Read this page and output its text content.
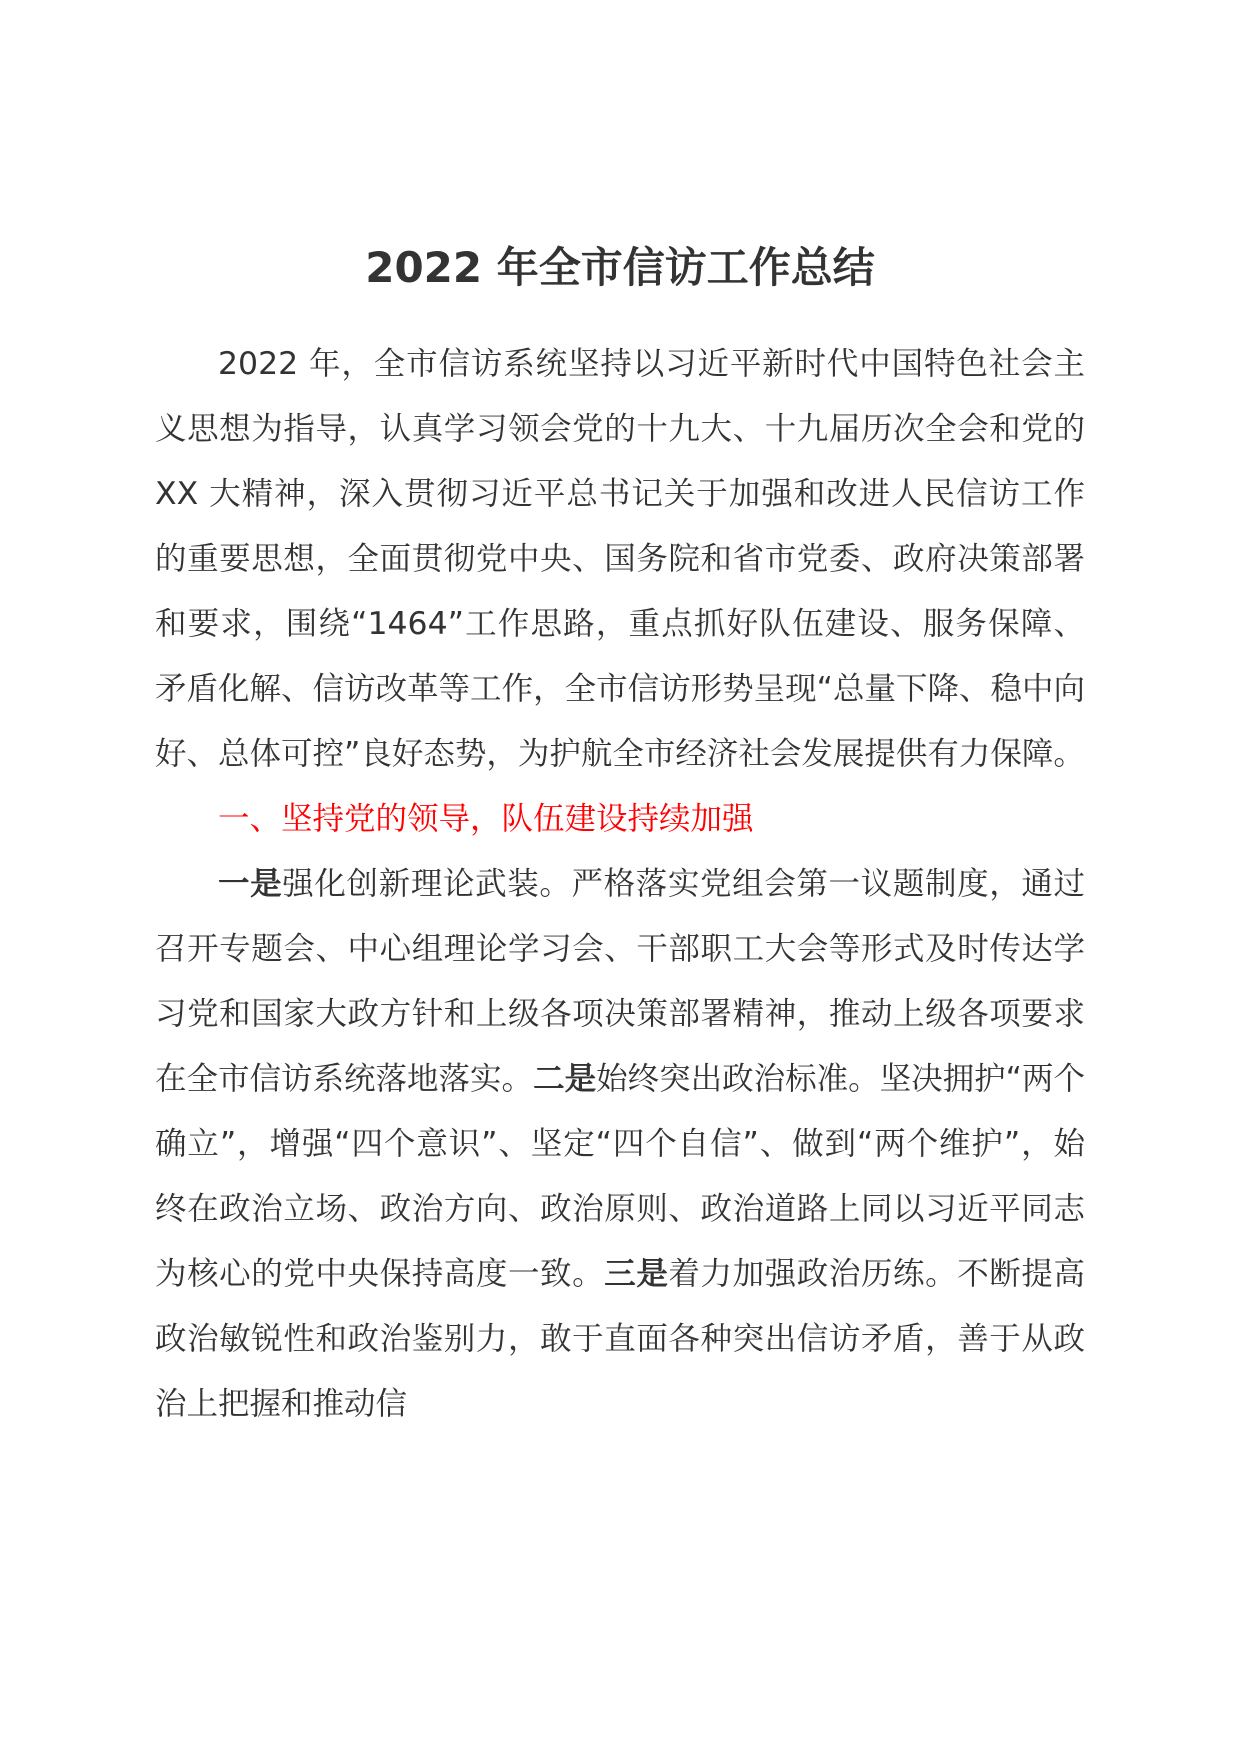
2022 年全市信访工作总结

2022 年，全市信访系统坚持以习近平新时代中国特色社会主义思想为指导，认真学习领会党的十九大、十九届历次全会和党的 XX 大精神，深入贯彻习近平总书记关于加强和改进人民信访工作的重要思想，全面贯彻党中央、国务院和省市党委、政府决策部署和要求，围绕“1464”工作思路，重点抓好队伍建设、服务保障、矛盾化解、信访改革等工作，全市信访形势呈现“总量下降、稳中向好、总体可控”良好态势，为护航全市经济社会发展提供有力保障。

一、坚持党的领导，队伍建设持续加强

一是强化创新理论武装。严格落实党组会第一议题制度，通过召开专题会、中心组理论学习会、干部职工大会等形式及时传达学习党和国家大政方针和上级各项决策部署精神，推动上级各项要求在全市信访系统落地落实。二是始终突出政治标准。坚决拥护“两个确立”，增强“四个意识”、坚定“四个自信”、做到“两个维护”，始终在政治立场、政治方向、政治原则、政治道路上同以习近平同志为核心的党中央保持高度一致。三是着力加强政治历练。不断提高政治敏锐性和政治鉴别力，敢于直面各种突出信访矛盾，善于从政治上把握和推动信
